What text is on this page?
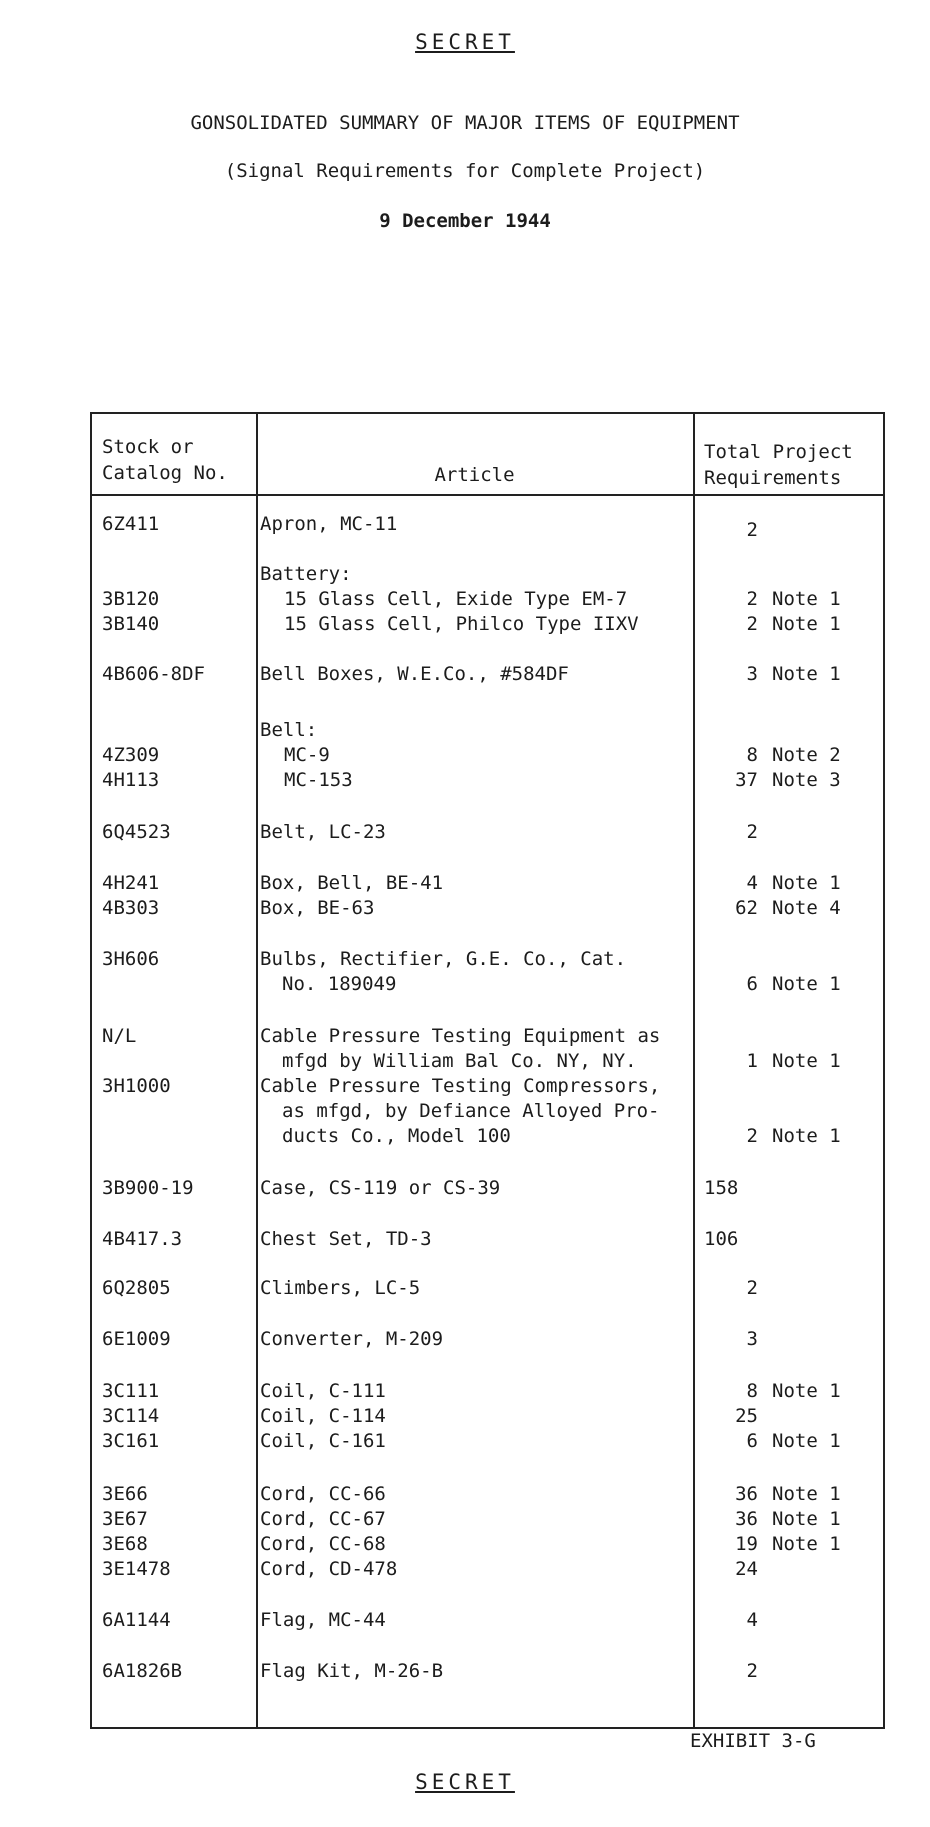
SECRET
GONSOLIDATED SUMMARY OF MAJOR ITEMS OF EQUIPMENT
(Signal Requirements for Complete Project)
9 December 1944
Stock or
Catalog No.	Article
Total Project
Requirements
6Z411	Apron, MC-11	2
Battery:
3B120	15 Glass Cell, Exide Type EM-7	2 Note 1
3B140	15 Glass Cell, Philco Type IIXV	2 Note 1
4B606-8DF	Bell Boxes, W.E.Co., #584DF	3 Note 1
Bell:
4Z309	MC-9	8 Note 2
4H113	MC-153	37 Note 3
6Q4523	Belt, LC-23	2
4H241	Box, Bell, BE-41	4 Note 1
4B303	Box, BE-63	62 Note 4
3H606	Bulbs, Rectifier, G.E. Co., Cat.
No. 189049	6 Note 1
N/L	Cable Pressure Testing Equipment as
mfgd by William Bal Co. NY, NY.	1 Note 1
3H1000	Cable Pressure Testing Compressors,
as mfgd, by Defiance Alloyed Pro-
ducts Co., Model 100	2 Note 1
3B900-19	Case, CS-119 or CS-39	158
4B417.3	Chest Set, TD-3	106
6Q2805	Climbers, LC-5	2
6E1009	Converter, M-209	3
3C111	Coil, C-111	8 Note 1
3C114	Coil, C-114	25
3C161	Coil, C-161	6 Note 1
3E66	Cord, CC-66	36 Note 1
3E67	Cord, CC-67	36 Note 1
3E68	Cord, CC-68	19 Note 1
3E1478	Cord, CD-478	24
6A1144	Flag, MC-44	4
6A1826B	Flag Kit, M-26-B	2
EXHIBIT 3-G
SECRET
